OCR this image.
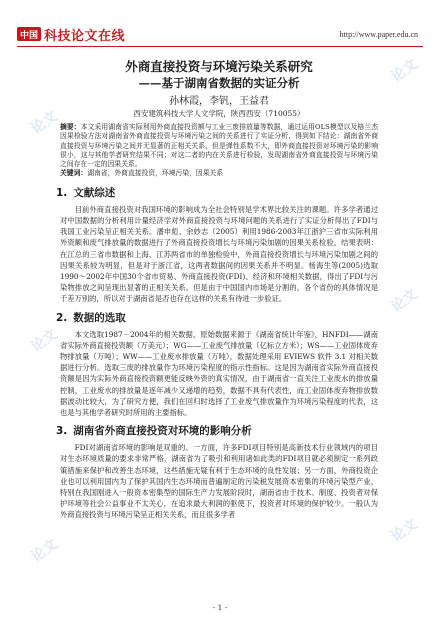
中国 科技论文在线	http://www.paper.edu.cn
论文
论文
论文
论文
论文
论文

外商直接投资与环境污染关系研究

——基于湖南省数据的实证分析

孙林霞，李钒，王益君
西安建筑科技大学人文学院，陕西西安（710055）

摘要：本文采用湖南省实际利用外商直接投资额与工业三废排放量等数据，通过运用OLS模型以及格兰杰因果检验方法对湖南省外商直接投资与环境污染之间的关系进行了实证分析，得到如下结论：湖南省外商直接投资与环境污染之间并无显著的正相关关系，但是弹性系数不大，即外商直接投资对环境污染的影响很小，这与其他学者研究结果不同；对这二者的内在关系进行检验，发现湖南省外商直接投资与环境污染之间存在一定的因果关系。

关键词：湖南省，外商直接投资，环境污染，因果关系

1. 文献综述

目前外商直接投资对我国环境的影响成为全社会特别是学术界比较关注的课题。许多学者通过对中国数据的分析利用计量经济学对外商直接投资与环境问题的关系进行了实证分析得出了FDI与我国工业污染呈正相关关系。潘申彪、余妙志（2005）利用1986-2003年江浙沪三省市实际利用外资额和废气排放量的数据进行了外商直接投资增长与环境污染加剧的因果关系检验，结果表明：在江总的三省市数据和上海、江苏两省市的单独检验中，外商直接投资增长与环境污染加剧之间的因果关系较为明显，但是对于浙江省，这两者数据间的因果关系并不明显。杨海生等(2005)选取1990～2002年中国30个省市贸易、外商直接投资(FDI)、经济和环境相关数据，得出了FDI与污染物排放之间呈现出显著的正相关关系。但是由于中国国内市场是分割的，各个省份的具体情况是千差万别的，所以对于湖南省是否也存在这样的关系有待进一步验证。

2. 数据的选取

本文选取1987－2004年的相关数据，原始数据来源于《湖南省统计年鉴》，HNFDI——湖南省实际外商直接投资额（万美元）；WG——工业废气排放量（亿标立方米）；WS——工业固体废弃物排放量（万吨）；WW——工业废水排放量（万吨），数据处理采用 EVIEWS 软件 3.1 对相关数据进行分析。选取三废的排放量作为环境污染程度的指示性指标。这是因为湖南省实际外商直接投资额是因为实际外商直接投资额更能反映外资的真实情况，由于湖南省一直关注工业废水的排放量控制，工业废水的排放量是逐年减少又递增的趋势，数据不具有代表性，而工业固体废弃物排放数据波动比较大，为了研究方便，我们在回归时选择了工业废气排放量作为环境污染程度的代表，这也是与其他学者研究时所用的主要指标。

3. 湖南省外商直接投资对环境的影响分析

FDI对湖南省环境的影响是双重的。一方面，许多FDI项目特别是高新技术行业领域内的项目对生态环境质量的要求非常严格，湖南省为了吸引和利用诸如此类的FDI项目就必须制定一系列政策措施来保护和改善生态环境，这些措施无疑有利于生态环境的良性发展；另一方面，外商投资企业也可以利用国内为了保护其国内生态环境而普遍制定的污染税发展资本密集的环境污染型产业，特别在我国刚进入一般资本密集型的国际生产力发展阶段时，湖南省由于技术、制度、投资者对保护环境等社会公益事业不太关心，在追求最大利润的驱使下，投资者对环境的保护较少。一般认为外商直接投资与环境污染呈正相关关系，而且很多学者

- 1 -
